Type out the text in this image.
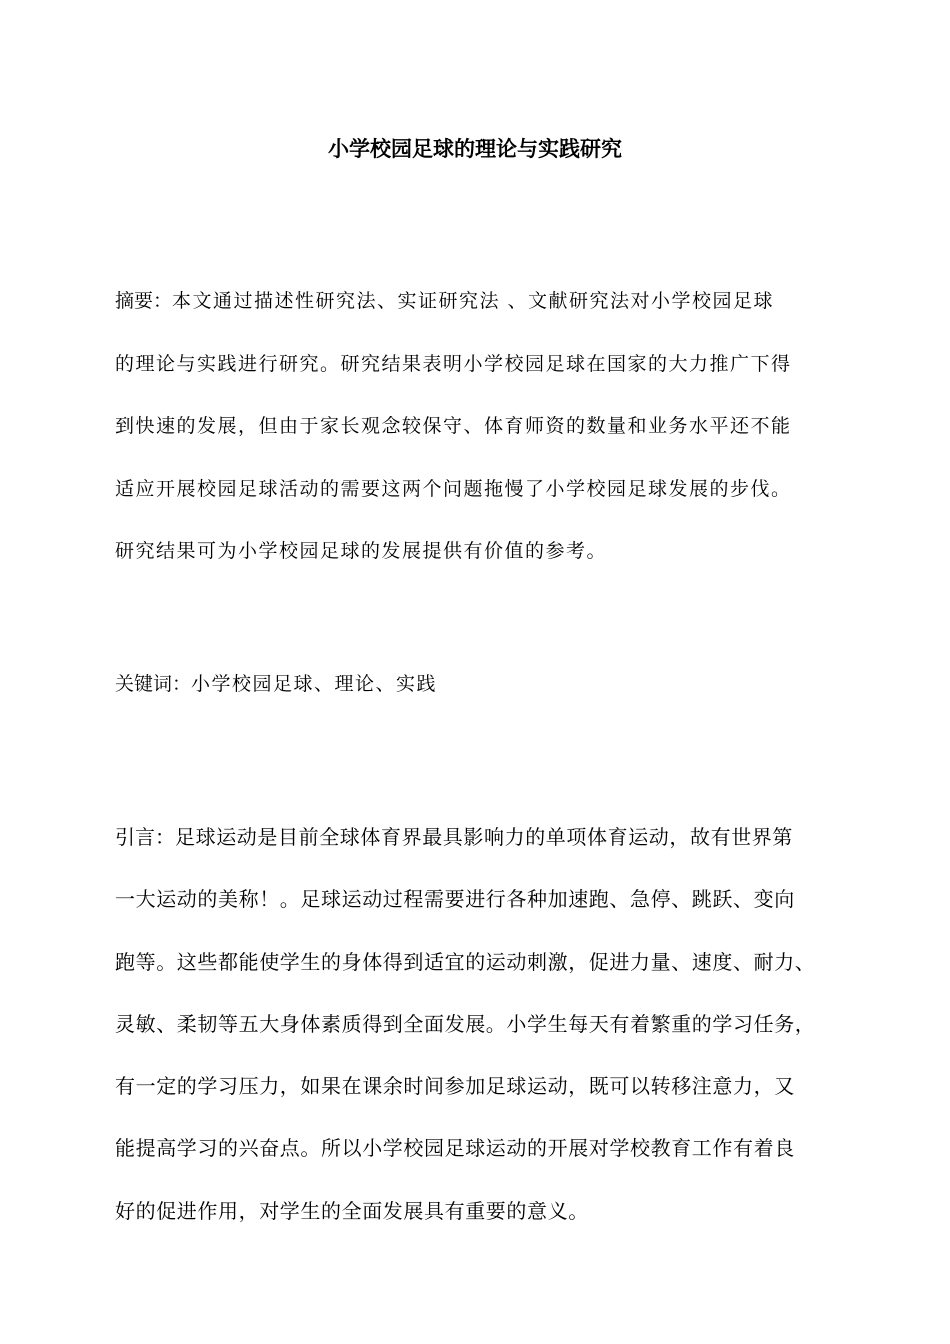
小学校园足球的理论与实践研究
摘要：本文通过描述性研究法、实证研究法 、文献研究法对小学校园足球
的理论与实践进行研究。研究结果表明小学校园足球在国家的大力推广下得
到快速的发展，但由于家长观念较保守、体育师资的数量和业务水平还不能
适应开展校园足球活动的需要这两个问题拖慢了小学校园足球发展的步伐。
研究结果可为小学校园足球的发展提供有价值的参考。
关键词：小学校园足球、理论、实践
引言：足球运动是目前全球体育界最具影响力的单项体育运动，故有世界第
一大运动的美称！。足球运动过程需要进行各种加速跑、急停、跳跃、变向
跑等。这些都能使学生的身体得到适宜的运动刺激，促进力量、速度、耐力、
灵敏、柔韧等五大身体素质得到全面发展。小学生每天有着繁重的学习任务，
有一定的学习压力，如果在课余时间参加足球运动，既可以转移注意力，又
能提高学习的兴奋点。所以小学校园足球运动的开展对学校教育工作有着良
好的促进作用，对学生的全面发展具有重要的意义。
